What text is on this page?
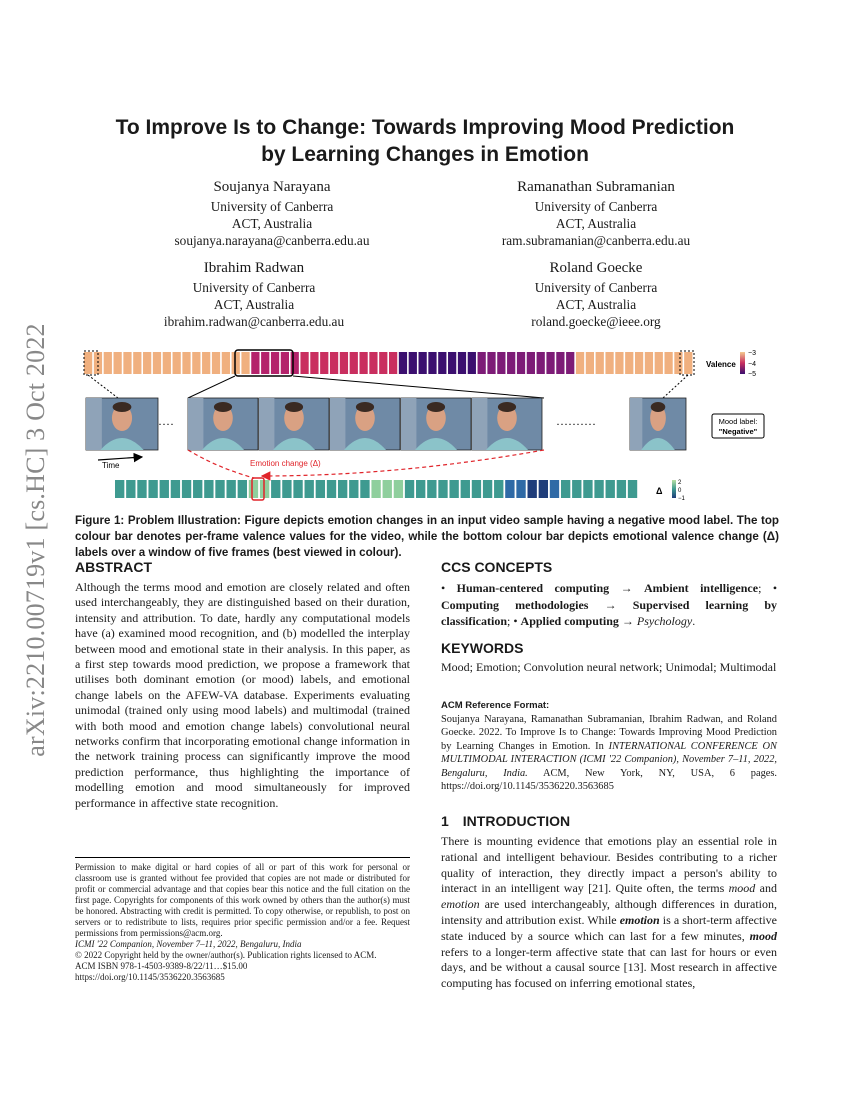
arXiv:2210.00719v1 [cs.HC] 3 Oct 2022
To Improve Is to Change: Towards Improving Mood Prediction
by Learning Changes in Emotion
Soujanya Narayana
University of Canberra
ACT, Australia
soujanya.narayana@canberra.edu.au
Ramanathan Subramanian
University of Canberra
ACT, Australia
ram.subramanian@canberra.edu.au
Ibrahim Radwan
University of Canberra
ACT, Australia
ibrahim.radwan@canberra.edu.au
Roland Goecke
University of Canberra
ACT, Australia
roland.goecke@ieee.org
Valence
−3
−4
−5
····	··········	Mood label:
"Negative"
Time	Emotion change (Δ)
Δ
2
0
−1
Figure 1: Problem Illustration: Figure depicts emotion changes in an input video sample having a negative mood label. The top colour bar denotes per-frame valence values for the video, while the bottom colour bar depicts emotional valence change (Δ) labels over a window of five frames (best viewed in colour).
ABSTRACT
Although the terms mood and emotion are closely related and often used interchangeably, they are distinguished based on their duration, intensity and attribution. To date, hardly any computational models have (a) examined mood recognition, and (b) modelled the interplay between mood and emotional state in their analysis. In this paper, as a first step towards mood prediction, we propose a framework that utilises both dominant emotion (or mood) labels, and emotional change labels on the AFEW-VA database. Experiments evaluating unimodal (trained only using mood labels) and multimodal (trained with both mood and emotion change labels) convolutional neural networks confirm that incorporating emotional change information in the network training process can significantly improve the mood prediction performance, thus highlighting the importance of modelling emotion and mood simultaneously for improved performance in affective state recognition.
Permission to make digital or hard copies of all or part of this work for personal or classroom use is granted without fee provided that copies are not made or distributed for profit or commercial advantage and that copies bear this notice and the full citation on the first page. Copyrights for components of this work owned by others than the author(s) must be honored. Abstracting with credit is permitted. To copy otherwise, or republish, to post on servers or to redistribute to lists, requires prior specific permission and/or a fee. Request permissions from permissions@acm.org.
ICMI '22 Companion, November 7–11, 2022, Bengaluru, India
© 2022 Copyright held by the owner/author(s). Publication rights licensed to ACM.
ACM ISBN 978-1-4503-9389-8/22/11…$15.00
https://doi.org/10.1145/3536220.3563685
CCS CONCEPTS
• Human-centered computing → Ambient intelligence; • Computing methodologies → Supervised learning by classification; • Applied computing → Psychology.
KEYWORDS
Mood; Emotion; Convolution neural network; Unimodal; Multimodal
ACM Reference Format:
Soujanya Narayana, Ramanathan Subramanian, Ibrahim Radwan, and Roland Goecke. 2022. To Improve Is to Change: Towards Improving Mood Prediction by Learning Changes in Emotion. In INTERNATIONAL CONFERENCE ON MULTIMODAL INTERACTION (ICMI '22 Companion), November 7–11, 2022, Bengaluru, India. ACM, New York, NY, USA, 6 pages. https://doi.org/10.1145/3536220.3563685
1 INTRODUCTION
There is mounting evidence that emotions play an essential role in rational and intelligent behaviour. Besides contributing to a richer quality of interaction, they directly impact a person's ability to interact in an intelligent way [21]. Quite often, the terms mood and emotion are used interchangeably, although differences in duration, intensity and attribution exist. While emotion is a short-term affective state induced by a source which can last for a few minutes, mood refers to a longer-term affective state that can last for hours or even days, and be without a causal source [13]. Most research in affective computing has focused on inferring emotional states,
